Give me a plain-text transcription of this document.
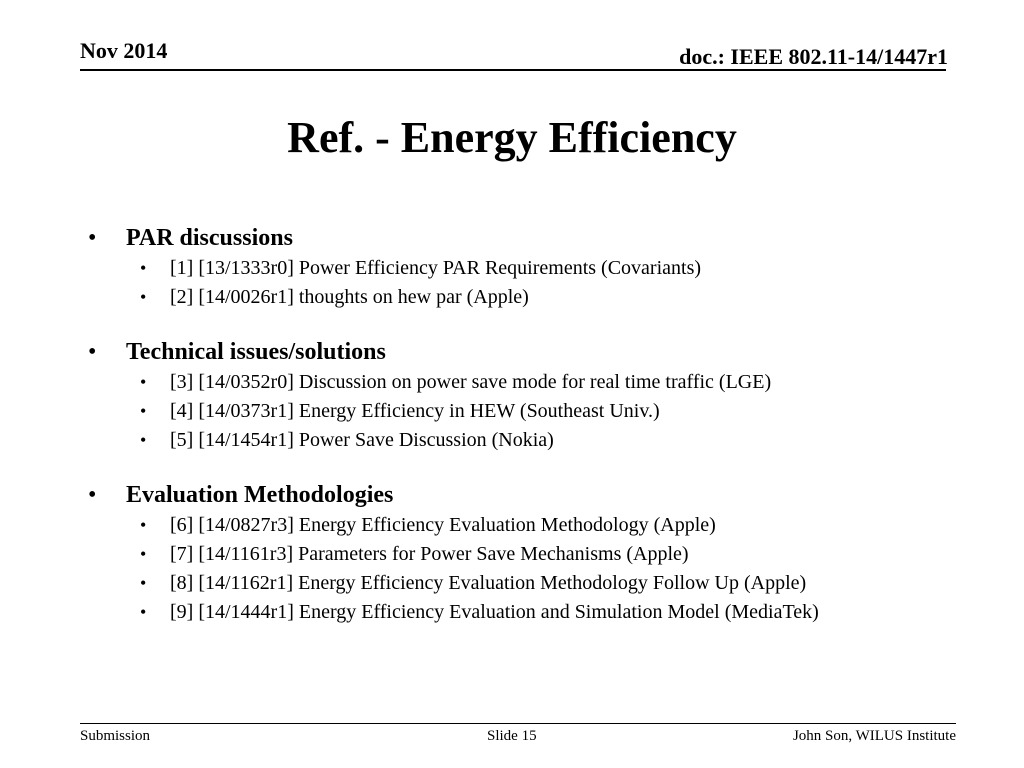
Nov 2014	doc.: IEEE 802.11-14/1447r1
Ref. - Energy Efficiency
• PAR discussions
• [1] [13/1333r0] Power Efficiency PAR Requirements (Covariants)
• [2] [14/0026r1] thoughts on hew par (Apple)
• Technical issues/solutions
• [3] [14/0352r0] Discussion on power save mode for real time traffic (LGE)
• [4] [14/0373r1] Energy Efficiency in HEW (Southeast Univ.)
• [5] [14/1454r1] Power Save Discussion (Nokia)
• Evaluation Methodologies
• [6] [14/0827r3] Energy Efficiency Evaluation Methodology (Apple)
• [7] [14/1161r3] Parameters for Power Save Mechanisms (Apple)
• [8] [14/1162r1] Energy Efficiency Evaluation Methodology Follow Up (Apple)
• [9] [14/1444r1] Energy Efficiency Evaluation and Simulation Model (MediaTek)
Submission	Slide 15	John Son, WILUS Institute
